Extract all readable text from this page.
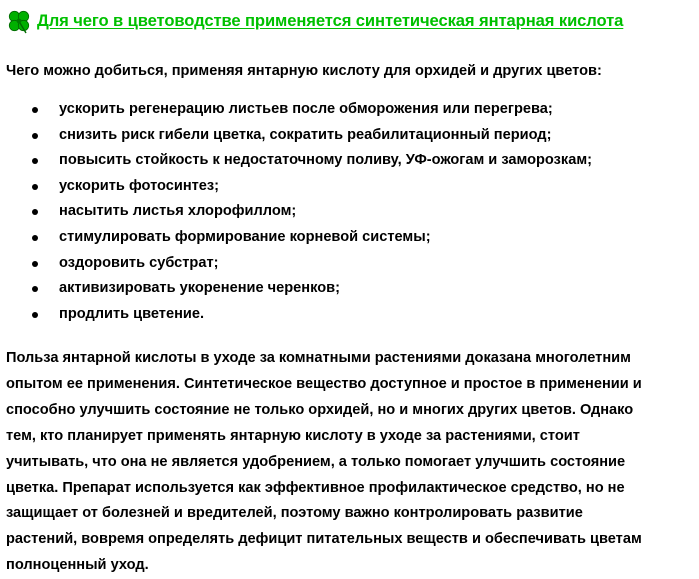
Для чего в цветоводстве применяется синтетическая янтарная кислота
Чего можно добиться, применяя янтарную кислоту для орхидей и других цветов:
ускорить регенерацию листьев после обморожения или перегрева;
снизить риск гибели цветка, сократить реабилитационный период;
повысить стойкость к недостаточному поливу, УФ-ожогам и заморозкам;
ускорить фотосинтез;
насытить листья хлорофиллом;
стимулировать формирование корневой системы;
оздоровить субстрат;
активизировать укоренение черенков;
продлить цветение.

Польза янтарной кислоты в уходе за комнатными растениями доказана многолетним
опытом ее применения. Синтетическое вещество доступное и простое в применении и
способно улучшить состояние не только орхидей, но и многих других цветов. Однако
тем, кто планирует применять янтарную кислоту в уходе за растениями, стоит
учитывать, что она не является удобрением, а только помогает улучшить состояние
цветка. Препарат используется как эффективное профилактическое средство, но не
защищает от болезней и вредителей, поэтому важно контролировать развитие
растений, вовремя определять дефицит питательных веществ и обеспечивать цветам
полноценный уход.
